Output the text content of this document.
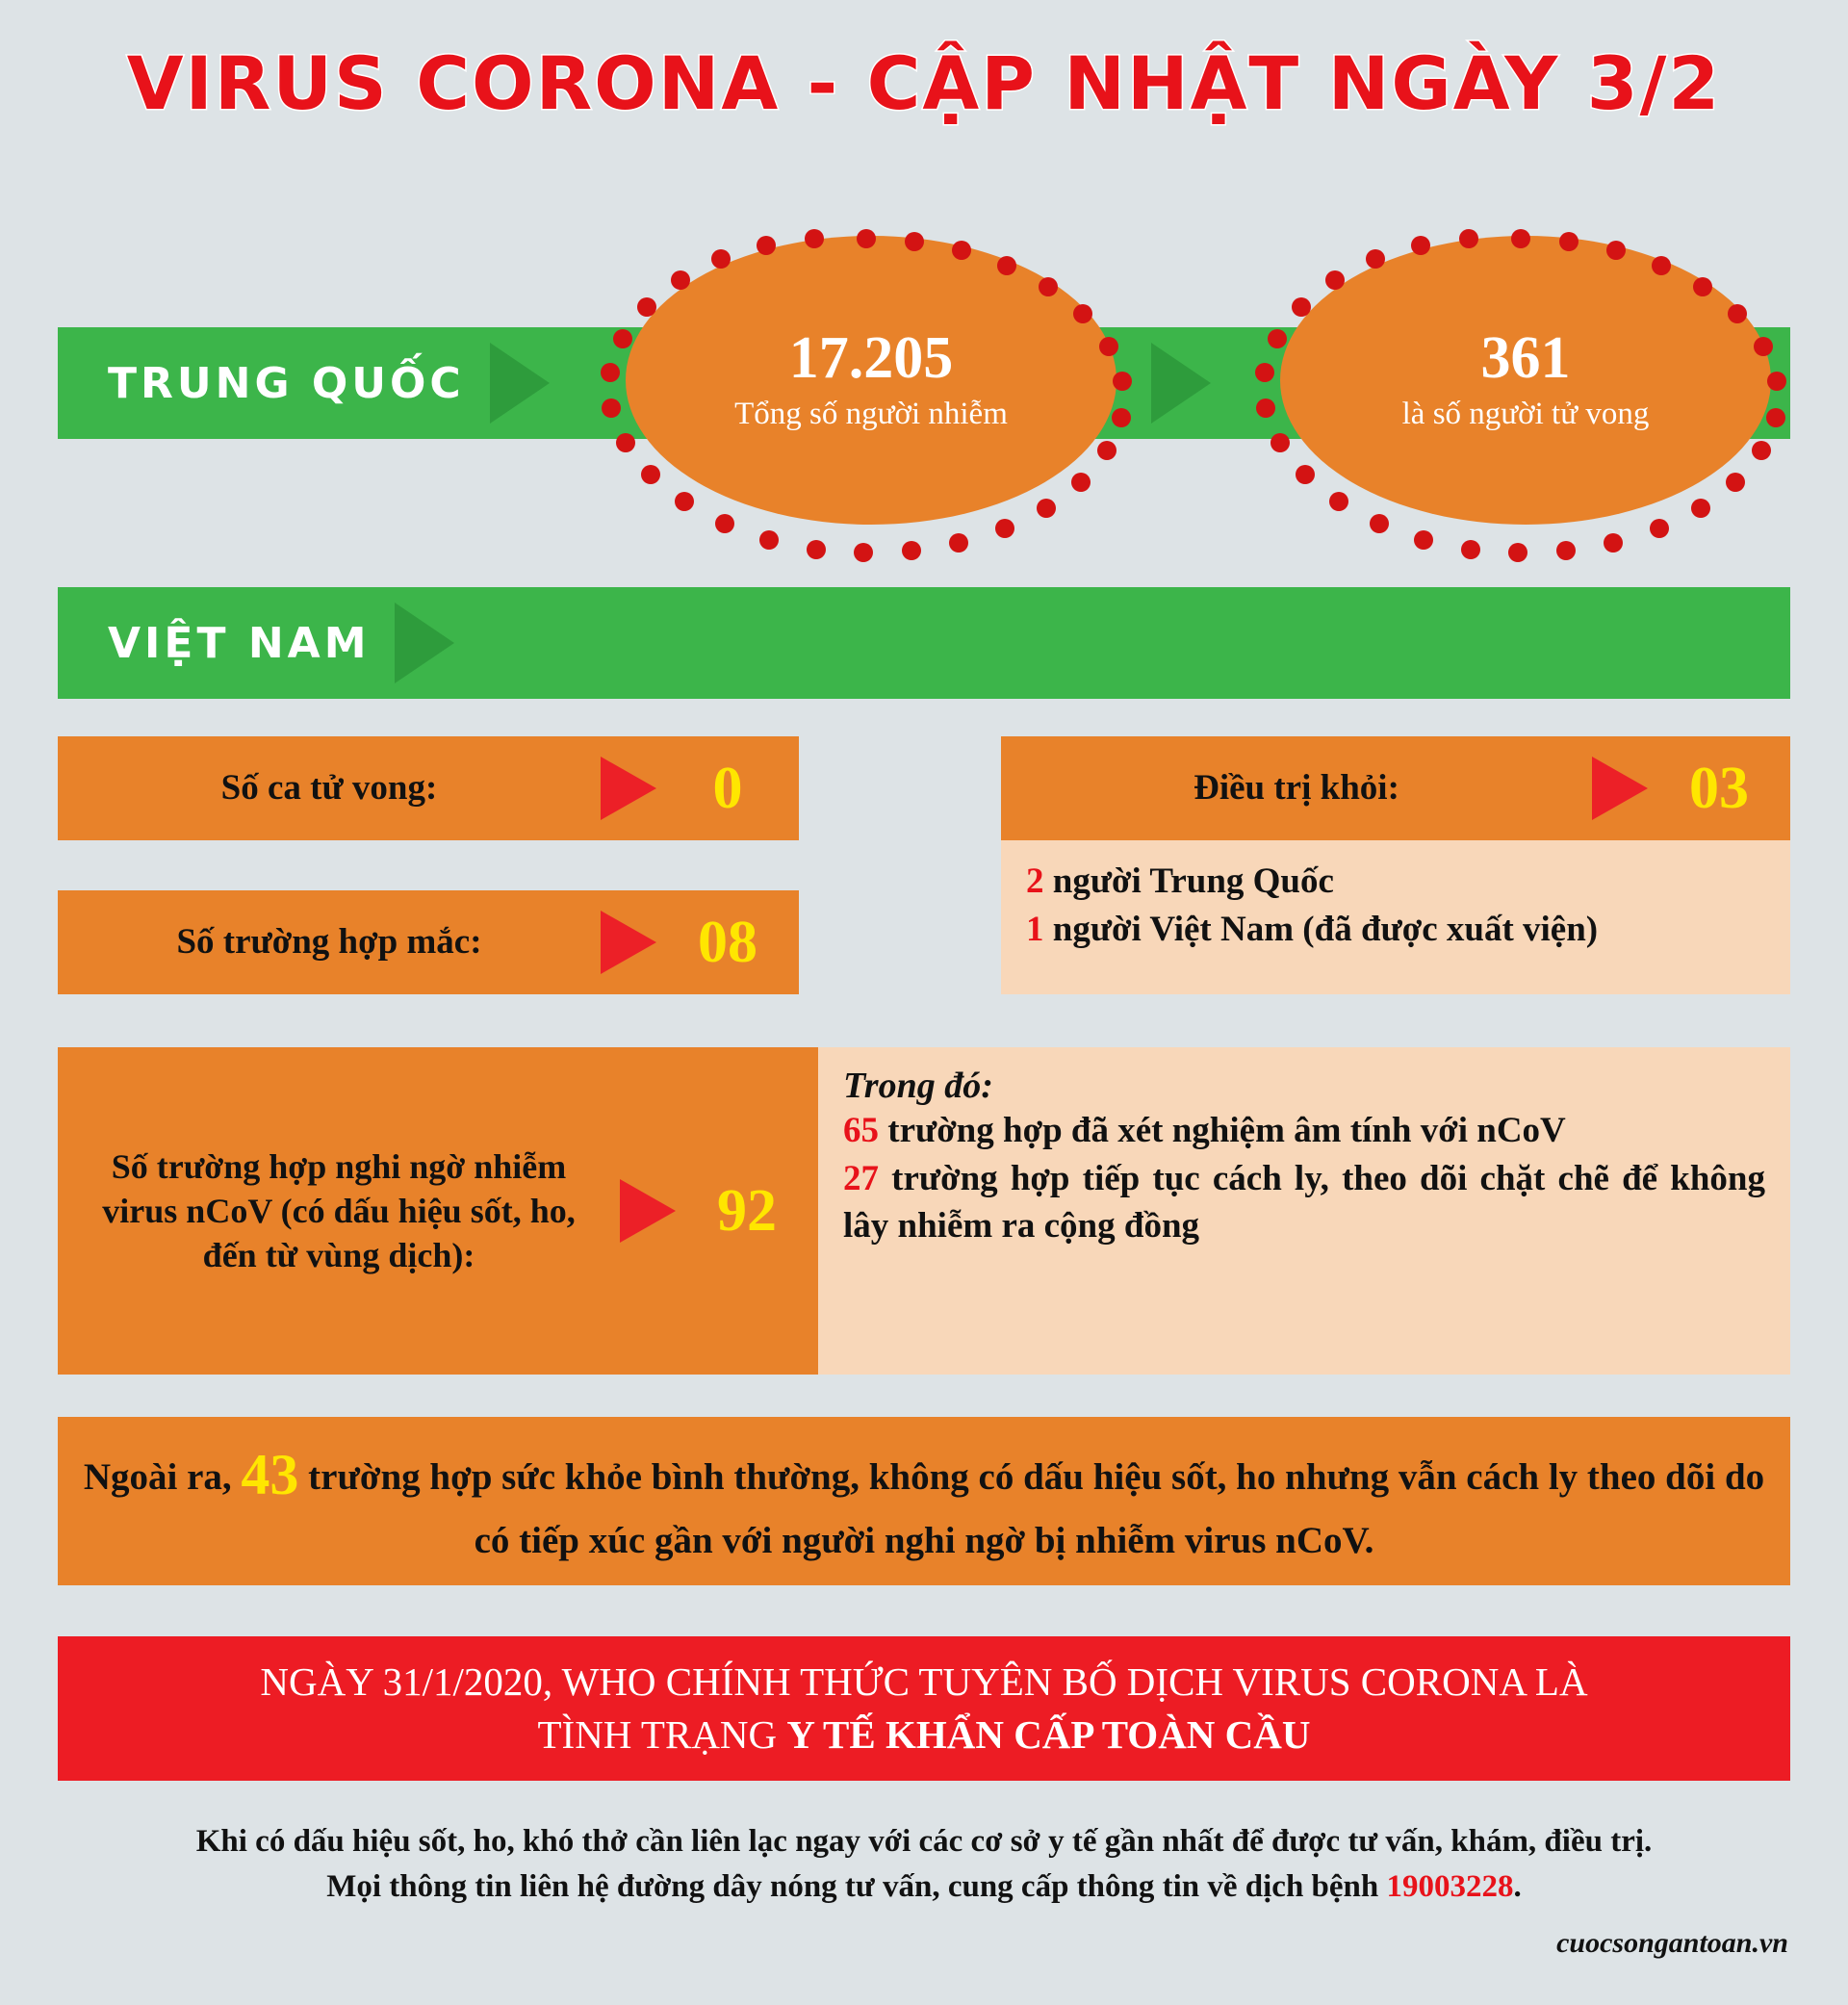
VIRUS CORONA - CẬP NHẬT NGÀY 3/2
TRUNG QUỐC	17.205
Tổng số người nhiễm
361
là số người tử vong
VIỆT NAM
Số ca tử vong:	0
Số trường hợp mắc:	08
Điều trị khỏi:	03
2 người Trung Quốc
1 người Việt Nam (đã được xuất viện)
Số trường hợp nghi ngờ nhiễm virus nCoV (có dấu hiệu sốt, ho, đến từ vùng dịch):
92
Trong đó:
65 trường hợp đã xét nghiệm âm tính với nCoV
27 trường hợp tiếp tục cách ly, theo dõi chặt chẽ để không lây nhiễm ra cộng đồng
Ngoài ra, 43 trường hợp sức khỏe bình thường, không có dấu hiệu sốt, ho nhưng vẫn cách ly theo dõi do có tiếp xúc gần với người nghi ngờ bị nhiễm virus nCoV.
NGÀY 31/1/2020, WHO CHÍNH THỨC TUYÊN BỐ DỊCH VIRUS CORONA LÀ
TÌNH TRẠNG Y TẾ KHẨN CẤP TOÀN CẦU
Khi có dấu hiệu sốt, ho, khó thở cần liên lạc ngay với các cơ sở y tế gần nhất để được tư vấn, khám, điều trị.
Mọi thông tin liên hệ đường dây nóng tư vấn, cung cấp thông tin về dịch bệnh 19003228.
cuocsongantoan.vn
